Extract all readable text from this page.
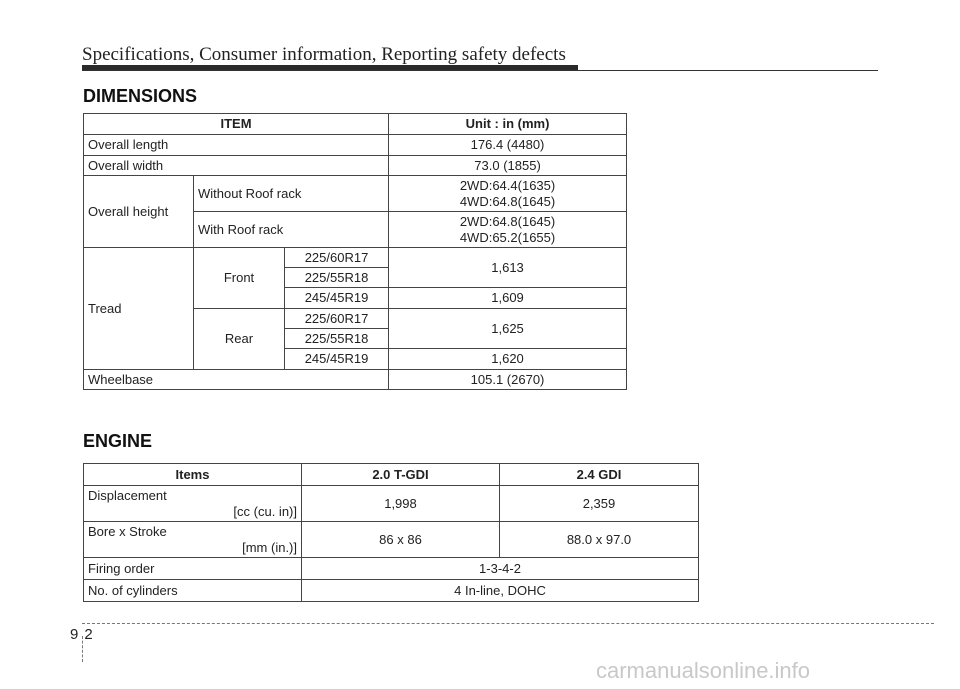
Specifications, Consumer information, Reporting safety defects
DIMENSIONS
ITEM			Unit : in (mm)
Overall length			176.4 (4480)
Overall width			73.0 (1855)
Overall height	Without Roof rack		2WD:64.4(1635)
4WD:64.8(1645)

	With Roof rack		2WD:64.8(1645)
4WD:65.2(1655)

Tread	Front	225/60R17	1,613
		225/55R18	
		245/45R19	1,609
	Rear	225/60R17	1,625
		225/55R18	
		245/45R19	1,620
Wheelbase			105.1 (2670)
ENGINE
Items	2.0 T-GDI	2.4 GDI

Displacement
[cc (cu. in)]	1,998	2,359

Bore x Stroke
[mm (in.)]	86 x 86	88.0 x 97.0
Firing order	1-3-4-2	
No. of cylinders	4 In-line, DOHC	
92
carmanualsonline.info
